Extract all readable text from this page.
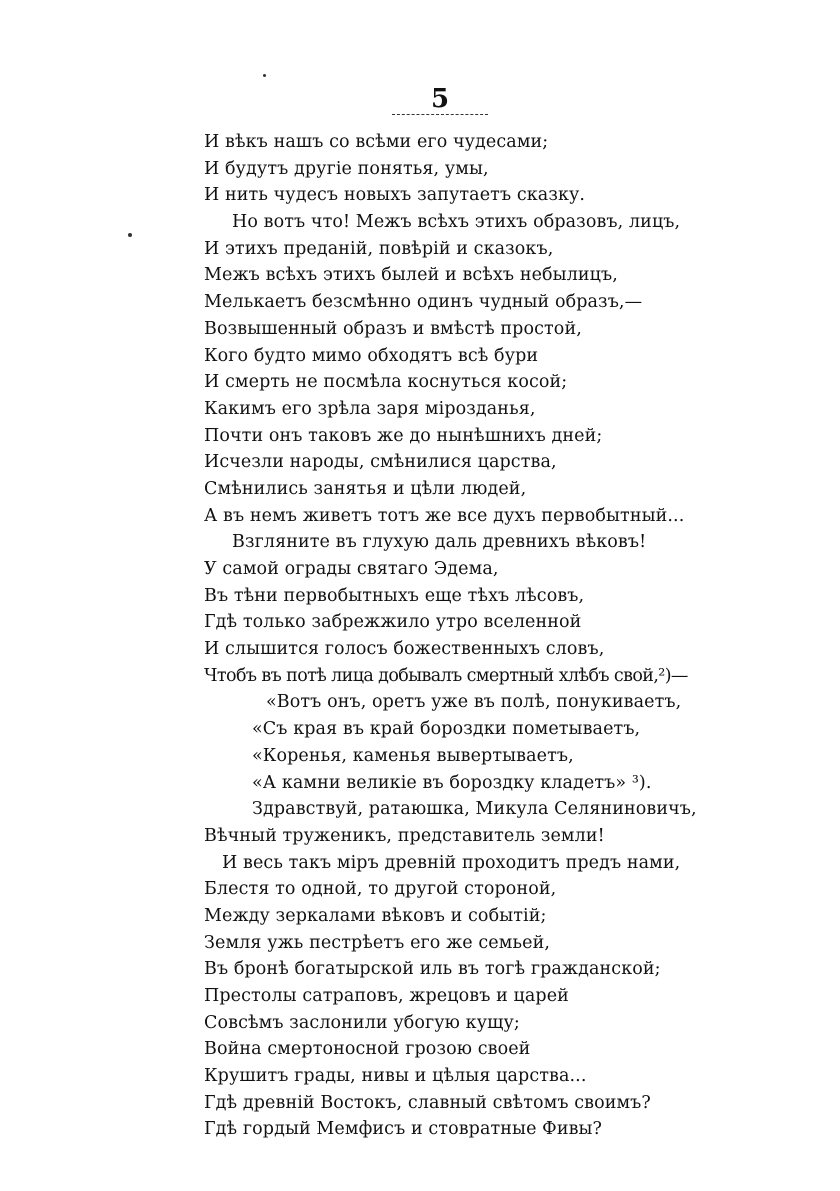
5
И вѣкъ нашъ со всѣми его чудесами;
И будутъ другіе понятья, умы,
И нить чудесъ новыхъ запутаетъ сказку.
Но вотъ что! Межъ всѣхъ этихъ образовъ, лицъ,
И этихъ преданій, повѣрій и сказокъ,
Межъ всѣхъ этихъ былей и всѣхъ небылицъ,
Мелькаетъ безсмѣнно одинъ чудный образъ,—
Возвышенный образъ и вмѣстѣ простой,
Кого будто мимо обходятъ всѣ бури
И смерть не посмѣла коснуться косой;
Какимъ его зрѣла заря мірозданья,
Почти онъ таковъ же до нынѣшнихъ дней;
Исчезли народы, смѣнилися царства,
Смѣнились занятья и цѣли людей,
А въ немъ живетъ тотъ же все духъ первобытный...
Взгляните въ глухую даль древнихъ вѣковъ!
У самой ограды святаго Эдема,
Въ тѣни первобытныхъ еще тѣхъ лѣсовъ,
Гдѣ только забрежжило утро вселенной
И слышится голосъ божественныхъ словъ,
Чтобъ въ потѣ лица добывалъ смертный хлѣбъ свой,²)—
«Вотъ онъ, оретъ уже въ полѣ, понукиваетъ,
«Съ края въ край бороздки пометываетъ,
«Коренья, каменья вывертываетъ,
«А камни великіе въ бороздку кладетъ» ³).
Здравствуй, ратаюшка, Микула Селяниновичъ,
Вѣчный труженикъ, представитель земли!
И весь такъ міръ древній проходитъ предъ нами,
Блестя то одной, то другой стороной,
Между зеркалами вѣковъ и событій;
Земля ужь пестрѣетъ его же семьей,
Въ бронѣ богатырской иль въ тогѣ гражданской;
Престолы сатраповъ, жрецовъ и царей
Совсѣмъ заслонили убогую кущу;
Война смертоносной грозою своей
Крушитъ грады, нивы и цѣлыя царства...
Гдѣ древній Востокъ, славный свѣтомъ своимъ?
Гдѣ гордый Мемфисъ и стовратные Фивы?
